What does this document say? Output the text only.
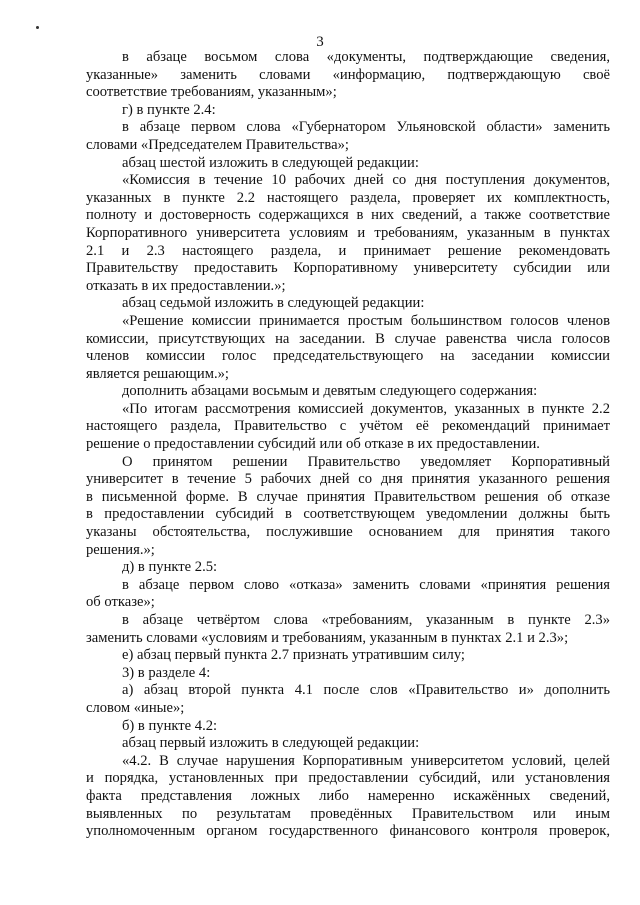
3
в абзаце восьмом слова «документы, подтверждающие сведения,
указанные» заменить словами «информацию, подтверждающую своё
соответствие требованиям, указанным»;
г) в пункте 2.4:
в абзаце первом слова «Губернатором Ульяновской области» заменить
словами «Председателем Правительства»;
абзац шестой изложить в следующей редакции:
«Комиссия в течение 10 рабочих дней со дня поступления документов,
указанных в пункте 2.2 настоящего раздела, проверяет их комплектность,
полноту и достоверность содержащихся в них сведений, а также соответствие
Корпоративного университета условиям и требованиям, указанным в пунктах
2.1 и 2.3 настоящего раздела, и принимает решение рекомендовать
Правительству предоставить Корпоративному университету субсидии или
отказать в их предоставлении.»;
абзац седьмой изложить в следующей редакции:
«Решение комиссии принимается простым большинством голосов членов
комиссии, присутствующих на заседании. В случае равенства числа голосов
членов комиссии голос председательствующего на заседании комиссии
является решающим.»;
дополнить абзацами восьмым и девятым следующего содержания:
«По итогам рассмотрения комиссией документов, указанных в пункте 2.2
настоящего раздела, Правительство с учётом её рекомендаций принимает
решение о предоставлении субсидий или об отказе в их предоставлении.
О принятом решении Правительство уведомляет Корпоративный
университет в течение 5 рабочих дней со дня принятия указанного решения
в письменной форме. В случае принятия Правительством решения об отказе
в предоставлении субсидий в соответствующем уведомлении должны быть
указаны обстоятельства, послужившие основанием для принятия такого
решения.»;
д) в пункте 2.5:
в абзаце первом слово «отказа» заменить словами «принятия решения
об отказе»;
в абзаце четвёртом слова «требованиям, указанным в пункте 2.3»
заменить словами «условиям и требованиям, указанным в пунктах 2.1 и 2.3»;
е) абзац первый пункта 2.7 признать утратившим силу;
3) в разделе 4:
а) абзац второй пункта 4.1 после слов «Правительство и» дополнить
словом «иные»;
б) в пункте 4.2:
абзац первый изложить в следующей редакции:
«4.2. В случае нарушения Корпоративным университетом условий, целей
и порядка, установленных при предоставлении субсидий, или установления
факта представления ложных либо намеренно искажённых сведений,
выявленных по результатам проведённых Правительством или иным
уполномоченным органом государственного финансового контроля проверок,
